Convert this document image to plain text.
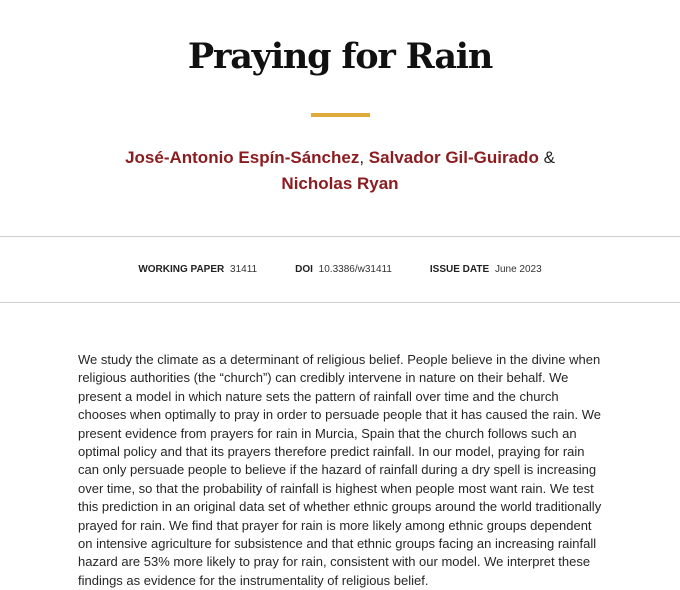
Praying for Rain

José-Antonio Espín-Sánchez, Salvador Gil-Guirado &
Nicholas Ryan

WORKING PAPER 31411	DOI 10.3386/w31411	ISSUE DATE June 2023

We study the climate as a determinant of religious belief. People believe in the divine when religious authorities (the “church”) can credibly intervene in nature on their behalf. We present a model in which nature sets the pattern of rainfall over time and the church chooses when optimally to pray in order to persuade people that it has caused the rain. We present evidence from prayers for rain in Murcia, Spain that the church follows such an optimal policy and that its prayers therefore predict rainfall. In our model, praying for rain can only persuade people to believe if the hazard of rainfall during a dry spell is increasing over time, so that the probability of rainfall is highest when people most want rain. We test this prediction in an original data set of whether ethnic groups around the world traditionally prayed for rain. We find that prayer for rain is more likely among ethnic groups dependent on intensive agriculture for subsistence and that ethnic groups facing an increasing rainfall hazard are 53% more likely to pray for rain, consistent with our model. We interpret these findings as evidence for the instrumentality of religious belief.
